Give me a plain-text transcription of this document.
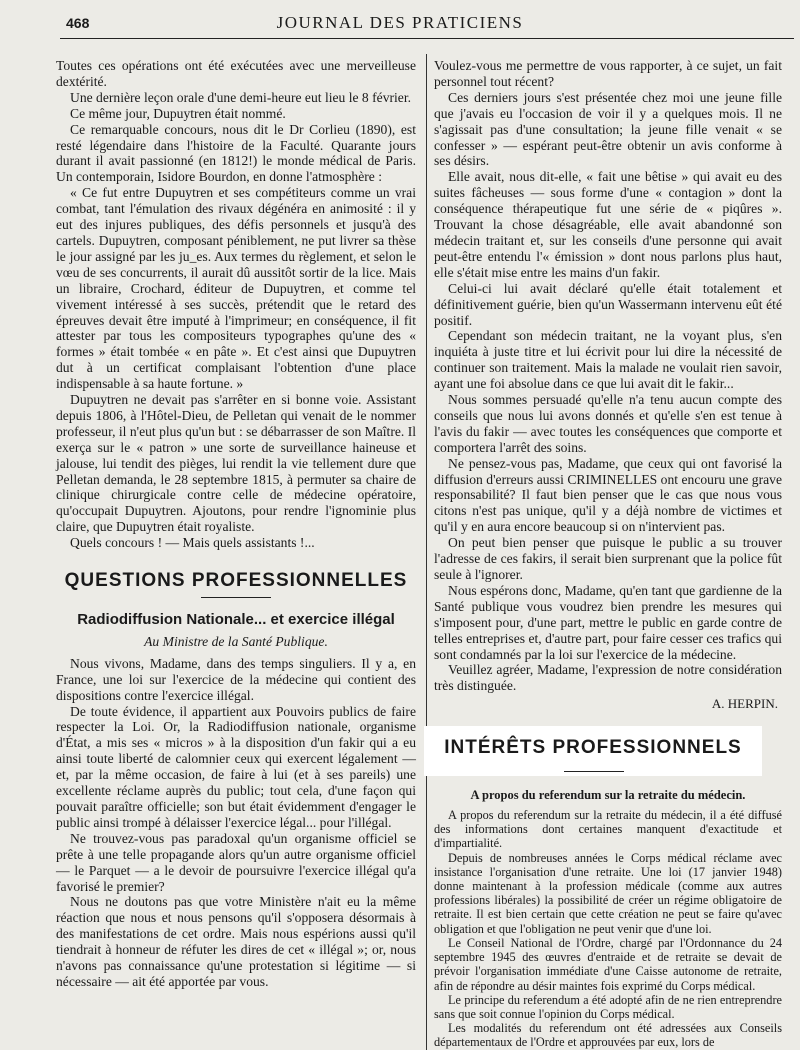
468	JOURNAL DES PRATICIENS

Toutes ces opérations ont été exécutées avec une merveilleuse dextérité.

Une dernière leçon orale d'une demi-heure eut lieu le 8 février.

Ce même jour, Dupuytren était nommé.

Ce remarquable concours, nous dit le Dr Corlieu (1890), est resté légendaire dans l'histoire de la Faculté. Quarante jours durant il avait passionné (en 1812!) le monde médical de Paris. Un contemporain, Isidore Bourdon, en donne l'atmosphère :

« Ce fut entre Dupuytren et ses compétiteurs comme un vrai combat, tant l'émulation des rivaux dégénéra en animosité : il y eut des injures publiques, des défis personnels et jusqu'à des cartels. Dupuytren, composant péniblement, ne put livrer sa thèse le jour assigné par les ju_es. Aux termes du règlement, et selon le vœu de ses concurrents, il aurait dû aussitôt sortir de la lice. Mais un libraire, Crochard, éditeur de Dupuytren, et comme tel vivement intéressé à ses succès, prétendit que le retard des épreuves devait être imputé à l'imprimeur; en conséquence, il fit attester par tous les compositeurs typographes qu'une des « formes » était tombée « en pâte ». Et c'est ainsi que Dupuytren dut à un certificat complaisant l'obtention d'une place indispensable à sa haute fortune. »

Dupuytren ne devait pas s'arrêter en si bonne voie. Assistant depuis 1806, à l'Hôtel-Dieu, de Pelletan qui venait de le nommer professeur, il n'eut plus qu'un but : se débarrasser de son Maître. Il exerça sur le « patron » une sorte de surveillance haineuse et jalouse, lui tendit des pièges, lui rendit la vie tellement dure que Pelletan demanda, le 28 septembre 1815, à permuter sa chaire de clinique chirurgicale contre celle de médecine opératoire, qu'occupait Dupuytren. Ajoutons, pour rendre l'ignominie plus claire, que Dupuytren était royaliste.

Quels concours ! — Mais quels assistants !...

QUESTIONS PROFESSIONNELLES
Radiodiffusion Nationale... et exercice illégal
Au Ministre de la Santé Publique.

Nous vivons, Madame, dans des temps singuliers. Il y a, en France, une loi sur l'exercice de la médecine qui contient des dispositions contre l'exercice illégal.

De toute évidence, il appartient aux Pouvoirs publics de faire respecter la Loi. Or, la Radiodiffusion nationale, organisme d'État, a mis ses « micros » à la disposition d'un fakir qui a eu ainsi toute liberté de calomnier ceux qui exercent légalement — et, par la même occasion, de faire à lui (et à ses pareils) une excellente réclame auprès du public; tout cela, d'une façon qui pouvait paraître officielle; son but était évidemment d'engager le public ainsi trompé à délaisser l'exercice légal... pour l'illégal.

Ne trouvez-vous pas paradoxal qu'un organisme officiel se prête à une telle propagande alors qu'un autre organisme officiel — le Parquet — a le devoir de poursuivre l'exercice illégal qu'a favorisé le premier?

Nous ne doutons pas que votre Ministère n'ait eu la même réaction que nous et nous pensons qu'il s'opposera désormais à des manifestations de cet ordre. Mais nous espérions aussi qu'il tiendrait à honneur de réfuter les dires de cet « illégal »; or, nous n'avons pas connaissance qu'une protestation si légitime — si nécessaire — ait été apportée par vous.

Voulez-vous me permettre de vous rapporter, à ce sujet, un fait personnel tout récent?

Ces derniers jours s'est présentée chez moi une jeune fille que j'avais eu l'occasion de voir il y a quelques mois. Il ne s'agissait pas d'une consultation; la jeune fille venait « se confesser » — espérant peut-être obtenir un avis conforme à ses désirs.

Elle avait, nous dit-elle, « fait une bêtise » qui avait eu des suites fâcheuses — sous forme d'une « contagion » dont la conséquence thérapeutique fut une série de « piqûres ». Trouvant la chose désagréable, elle avait abandonné son médecin traitant et, sur les conseils d'une personne qui avait peut-être entendu l'« émission » dont nous parlons plus haut, elle s'était mise entre les mains d'un fakir.

Celui-ci lui avait déclaré qu'elle était totalement et définitivement guérie, bien qu'un Wassermann intervenu eût été positif.

Cependant son médecin traitant, ne la voyant plus, s'en inquiéta à juste titre et lui écrivit pour lui dire la nécessité de continuer son traitement. Mais la malade ne voulait rien savoir, ayant une foi absolue dans ce que lui avait dit le fakir...

Nous sommes persuadé qu'elle n'a tenu aucun compte des conseils que nous lui avons donnés et qu'elle s'en est tenue à l'avis du fakir — avec toutes les conséquences que comporte et comportera l'arrêt des soins.

Ne pensez-vous pas, Madame, que ceux qui ont favorisé la diffusion d'erreurs aussi CRIMINELLES ont encouru une grave responsabilité? Il faut bien penser que le cas que nous vous citons n'est pas unique, qu'il y a déjà nombre de victimes et qu'il y en aura encore beaucoup si on n'intervient pas.

On peut bien penser que puisque le public a su trouver l'adresse de ces fakirs, il serait bien surprenant que la police fût seule à l'ignorer.

Nous espérons donc, Madame, qu'en tant que gardienne de la Santé publique vous voudrez bien prendre les mesures qui s'imposent pour, d'une part, mettre le public en garde contre de telles entreprises et, d'autre part, pour faire cesser ces trafics qui sont condamnés par la loi sur l'exercice de la médecine.

Veuillez agréer, Madame, l'expression de notre considération très distinguée.

A. HERPIN.
INTÉRÊTS PROFESSIONNELS
A propos du referendum sur la retraite du médecin.

A propos du referendum sur la retraite du médecin, il a été diffusé des informations dont certaines manquent d'exactitude et d'impartialité.

Depuis de nombreuses années le Corps médical réclame avec insistance l'organisation d'une retraite. Une loi (17 janvier 1948) donne maintenant à la profession médicale (comme aux autres professions libérales) la possibilité de créer un régime obligatoire de retraite. Il est bien certain que cette création ne peut se faire qu'avec obligation et que l'obligation ne peut venir que d'une loi.

Le Conseil National de l'Ordre, chargé par l'Ordonnance du 24 septembre 1945 des œuvres d'entraide et de retraite se devait de prévoir l'organisation immédiate d'une Caisse autonome de retraite, afin de répondre au désir maintes fois exprimé du Corps médical.

Le principe du referendum a été adopté afin de ne rien entreprendre sans que soit connue l'opinion du Corps médical.

Les modalités du referendum ont été adressées aux Conseils départementaux de l'Ordre et approuvées par eux, lors de
